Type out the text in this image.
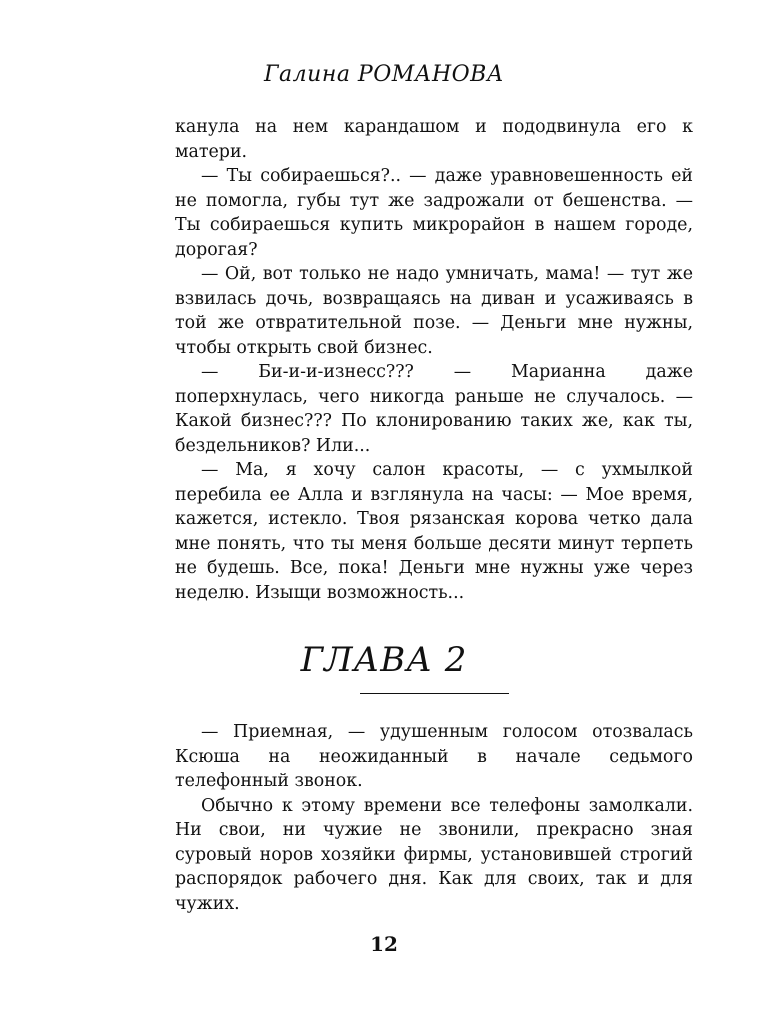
Галина РОМАНОВА

канула на нем карандашом и пододвинула его к матери.

— Ты собираешься?.. — даже уравновешенность ей не помогла, губы тут же задрожали от бешенства. — Ты собираешься купить микрорайон в нашем городе, дорогая?

— Ой, вот только не надо умничать, мама! — тут же взвилась дочь, возвращаясь на диван и усаживаясь в той же отвратительной позе. — Деньги мне нужны, чтобы открыть свой бизнес.

— Би-и-и-изнесс??? — Марианна даже поперхнулась, чего никогда раньше не случалось. — Какой бизнес??? По клонированию таких же, как ты, бездельников? Или...

— Ма, я хочу салон красоты, — с ухмылкой перебила ее Алла и взглянула на часы: — Мое время, кажется, истекло. Твоя рязанская корова четко дала мне понять, что ты меня больше десяти минут терпеть не будешь. Все, пока! Деньги мне нужны уже через неделю. Изыщи возможность...

ГЛАВА 2

— Приемная, — удушенным голосом отозвалась Ксюша на неожиданный в начале седьмого телефонный звонок.

Обычно к этому времени все телефоны замолкали. Ни свои, ни чужие не звонили, прекрасно зная суровый норов хозяйки фирмы, установившей строгий распорядок рабочего дня. Как для своих, так и для чужих.

12
